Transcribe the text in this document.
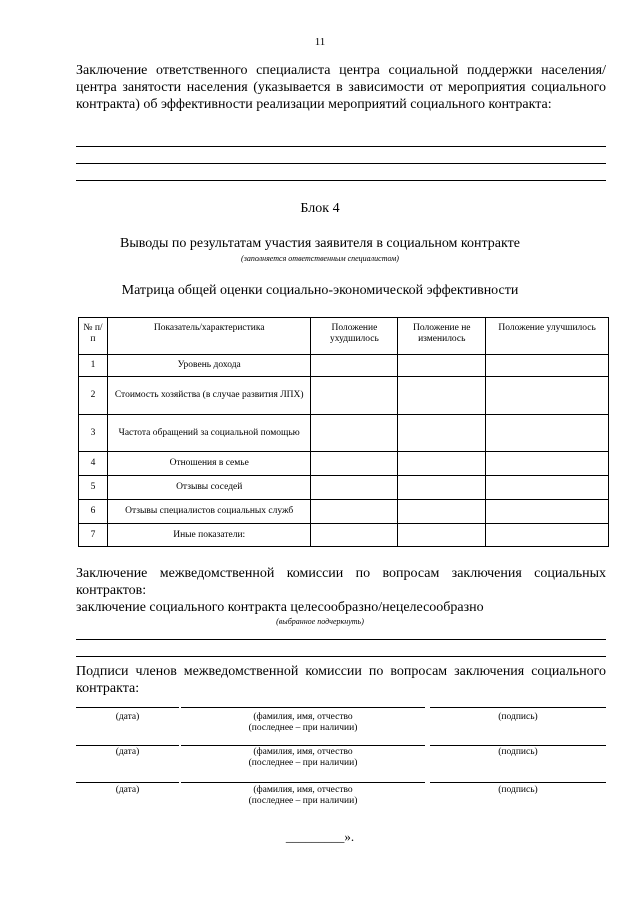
11
Заключение ответственного специалиста центра социальной поддержки населения/центра занятости населения (указывается в зависимости от мероприятия социального контракта) об эффективности реализации мероприятий социального контракта:
Блок 4
Выводы по результатам участия заявителя в социальном контракте
(заполняется ответственным специалистом)
Матрица общей оценки социально-экономической эффективности
№ п/п	Показатель/характеристика	Положение ухудшилось	Положение не изменилось	Положение улучшилось
1	Уровень дохода			
2	Стоимость хозяйства (в случае развития ЛПХ)			
3	Частота обращений за социальной помощью			
4	Отношения в семье			
5	Отзывы соседей			
6	Отзывы специалистов социальных служб			
7	Иные показатели:			
Заключение межведомственной комиссии по вопросам заключения социальных контрактов:
заключение социального контракта целесообразно/нецелесообразно
(выбранное подчеркнуть)
Подписи членов межведомственной комиссии по вопросам заключения социального контракта:
(дата)	(фамилия, имя, отчество
(последнее – при наличии)
(подпись)
(дата)	(фамилия, имя, отчество
(последнее – при наличии)
(подпись)
(дата)	(фамилия, имя, отчество
(последнее – при наличии)
(подпись)
_________».
